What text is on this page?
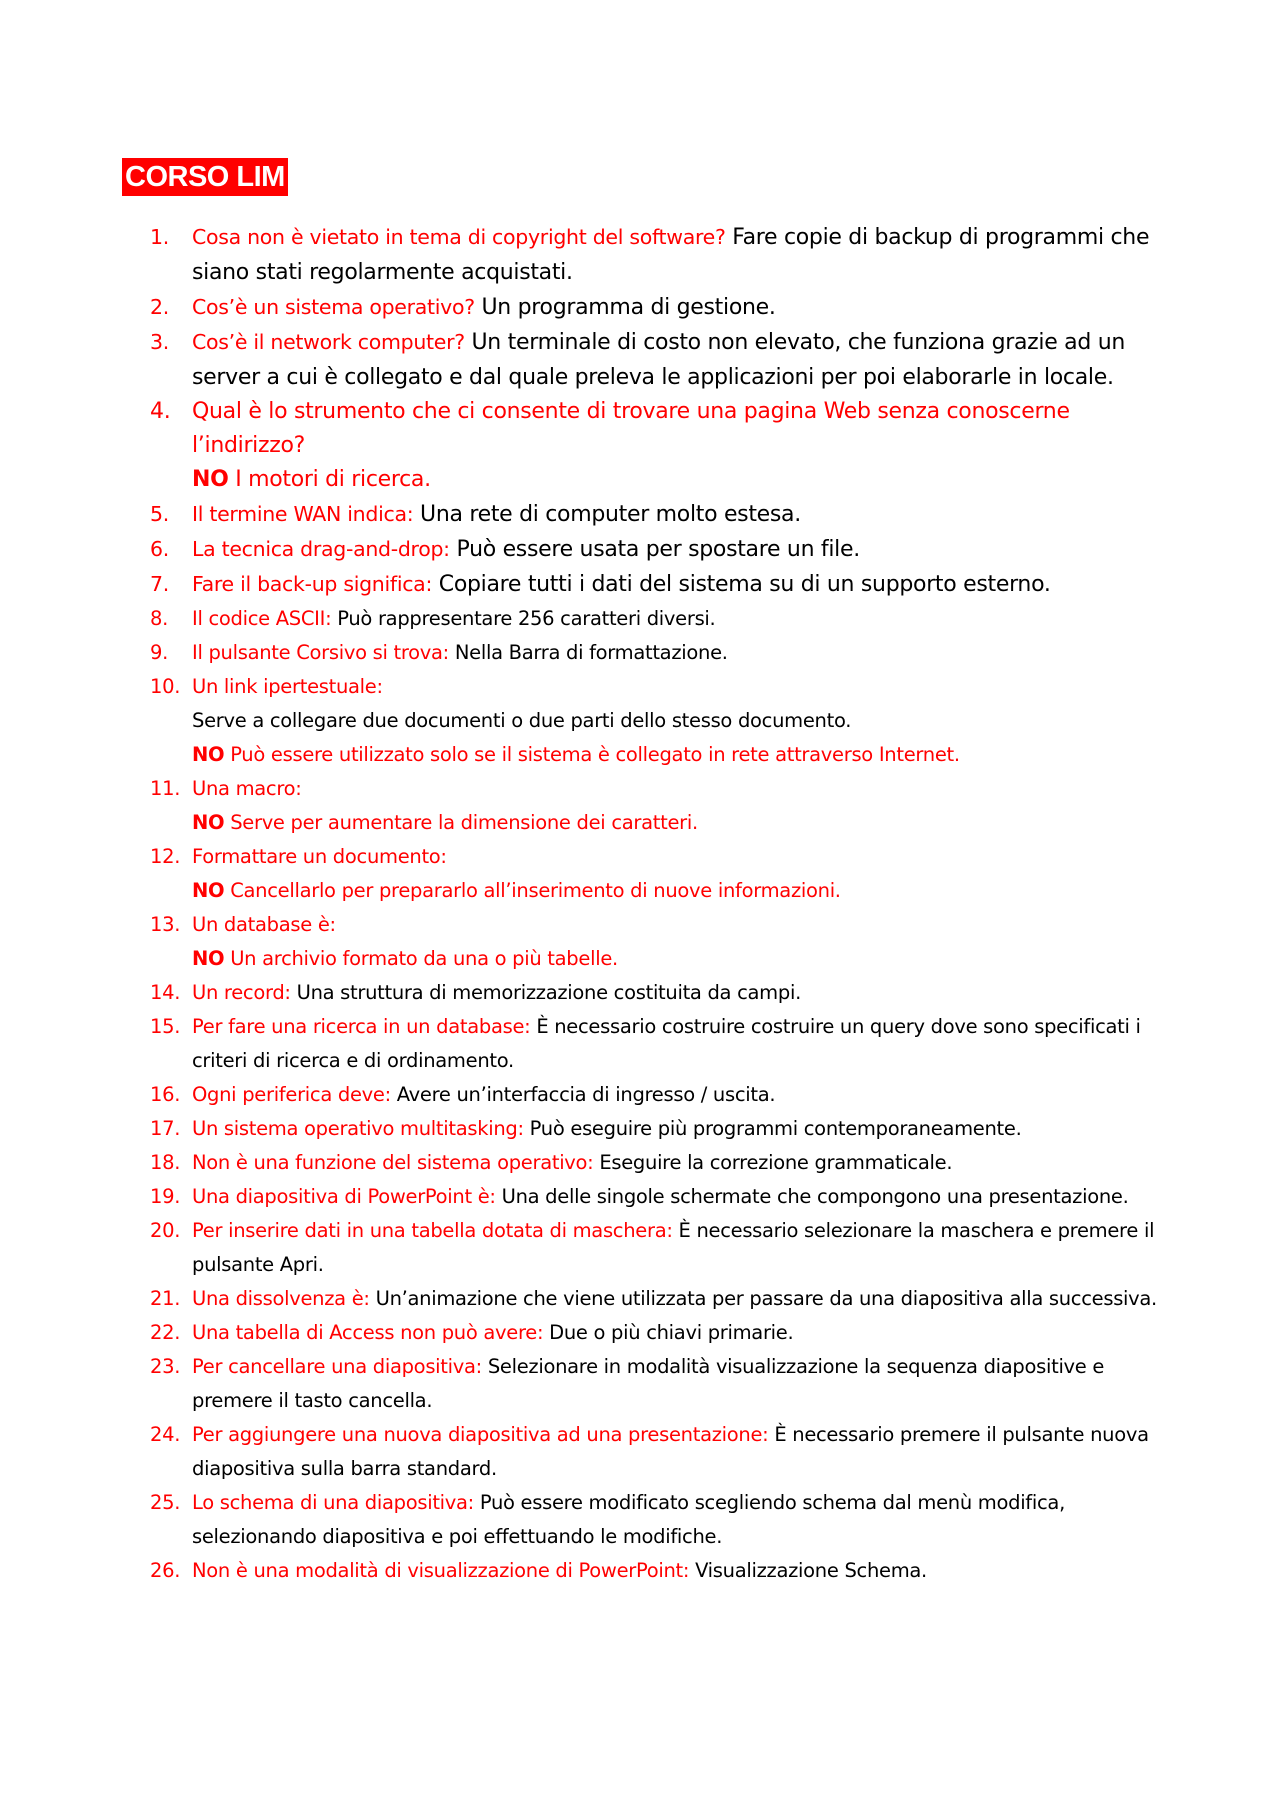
CORSO LIM
1. Cosa non è vietato in tema di copyright del software? Fare copie di backup di programmi che siano stati regolarmente acquistati.
2. Cos’è un sistema operativo? Un programma di gestione.
3. Cos’è il network computer? Un terminale di costo non elevato, che funziona grazie ad un server a cui è collegato e dal quale preleva le applicazioni per poi elaborarle in locale.
4. Qual è lo strumento che ci consente di trovare una pagina Web senza conoscerne l’indirizzo?
NO I motori di ricerca.
5. Il termine WAN indica: Una rete di computer molto estesa.
6. La tecnica drag-and-drop: Può essere usata per spostare un file.
7. Fare il back-up significa: Copiare tutti i dati del sistema su di un supporto esterno.
8. Il codice ASCII: Può rappresentare 256 caratteri diversi.
9. Il pulsante Corsivo si trova: Nella Barra di formattazione.
10. Un link ipertestuale:
Serve a collegare due documenti o due parti dello stesso documento.
NO Può essere utilizzato solo se il sistema è collegato in rete attraverso Internet.
11. Una macro:
NO Serve per aumentare la dimensione dei caratteri.
12. Formattare un documento:
NO Cancellarlo per prepararlo all’inserimento di nuove informazioni.
13. Un database è:
NO Un archivio formato da una o più tabelle.
14. Un record: Una struttura di memorizzazione costituita da campi.
15. Per fare una ricerca in un database: È necessario costruire costruire un query dove sono specificati i criteri di ricerca e di ordinamento.
16. Ogni periferica deve: Avere un’interfaccia di ingresso / uscita.
17. Un sistema operativo multitasking: Può eseguire più programmi contemporaneamente.
18. Non è una funzione del sistema operativo: Eseguire la correzione grammaticale.
19. Una diapositiva di PowerPoint è: Una delle singole schermate che compongono una presentazione.
20. Per inserire dati in una tabella dotata di maschera: È necessario selezionare la maschera e premere il pulsante Apri.
21. Una dissolvenza è: Un’animazione che viene utilizzata per passare da una diapositiva alla successiva.
22. Una tabella di Access non può avere: Due o più chiavi primarie.
23. Per cancellare una diapositiva: Selezionare in modalità visualizzazione la sequenza diapositive e premere il tasto cancella.
24. Per aggiungere una nuova diapositiva ad una presentazione: È necessario premere il pulsante nuova diapositiva sulla barra standard.
25. Lo schema di una diapositiva: Può essere modificato scegliendo schema dal menù modifica, selezionando diapositiva e poi effettuando le modifiche.
26. Non è una modalità di visualizzazione di PowerPoint: Visualizzazione Schema.
